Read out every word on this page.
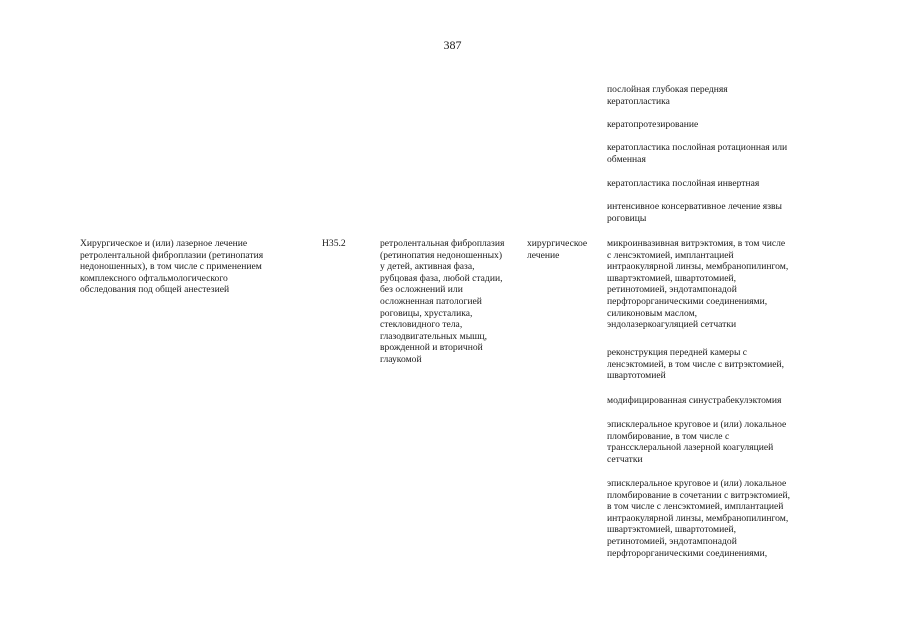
387
послойная глубокая передняя
кератопластика
кератопротезирование
кератопластика послойная ротационная или
обменная
кератопластика послойная инвертная
интенсивное консервативное лечение язвы
роговицы
Хирургическое и (или) лазерное лечение
ретролентальной фиброплазии (ретинопатия
недоношенных), в том числе с применением
комплексного офтальмологического
обследования под общей анестезией
H35.2	ретролентальная фиброплазия
(ретинопатия недоношенных)
у детей, активная фаза,
рубцовая фаза, любой стадии,
без осложнений или
осложненная патологией
роговицы, хрусталика,
стекловидного тела,
глазодвигательных мышц,
врожденной и вторичной
глаукомой
хирургическое
лечение
микроинвазивная витрэктомия, в том числе
с ленсэктомией, имплантацией
интраокулярной линзы, мембранопилингом,
швартэктомией, швартотомией,
ретинотомией, эндотампонадой
перфторорганическими соединениями,
силиконовым маслом,
эндолазеркоагуляцией сетчатки
реконструкция передней камеры с
ленсэктомией, в том числе с витрэктомией,
швартотомией
модифицированная синустрабекулэктомия
эписклеральное круговое и (или) локальное
пломбирование, в том числе с
транссклеральной лазерной коагуляцией
сетчатки
эписклеральное круговое и (или) локальное
пломбирование в сочетании с витрэктомией,
в том числе с ленсэктомией, имплантацией
интраокулярной линзы, мембранопилингом,
швартэктомией, швартотомией,
ретинотомией, эндотампонадой
перфторорганическими соединениями,
